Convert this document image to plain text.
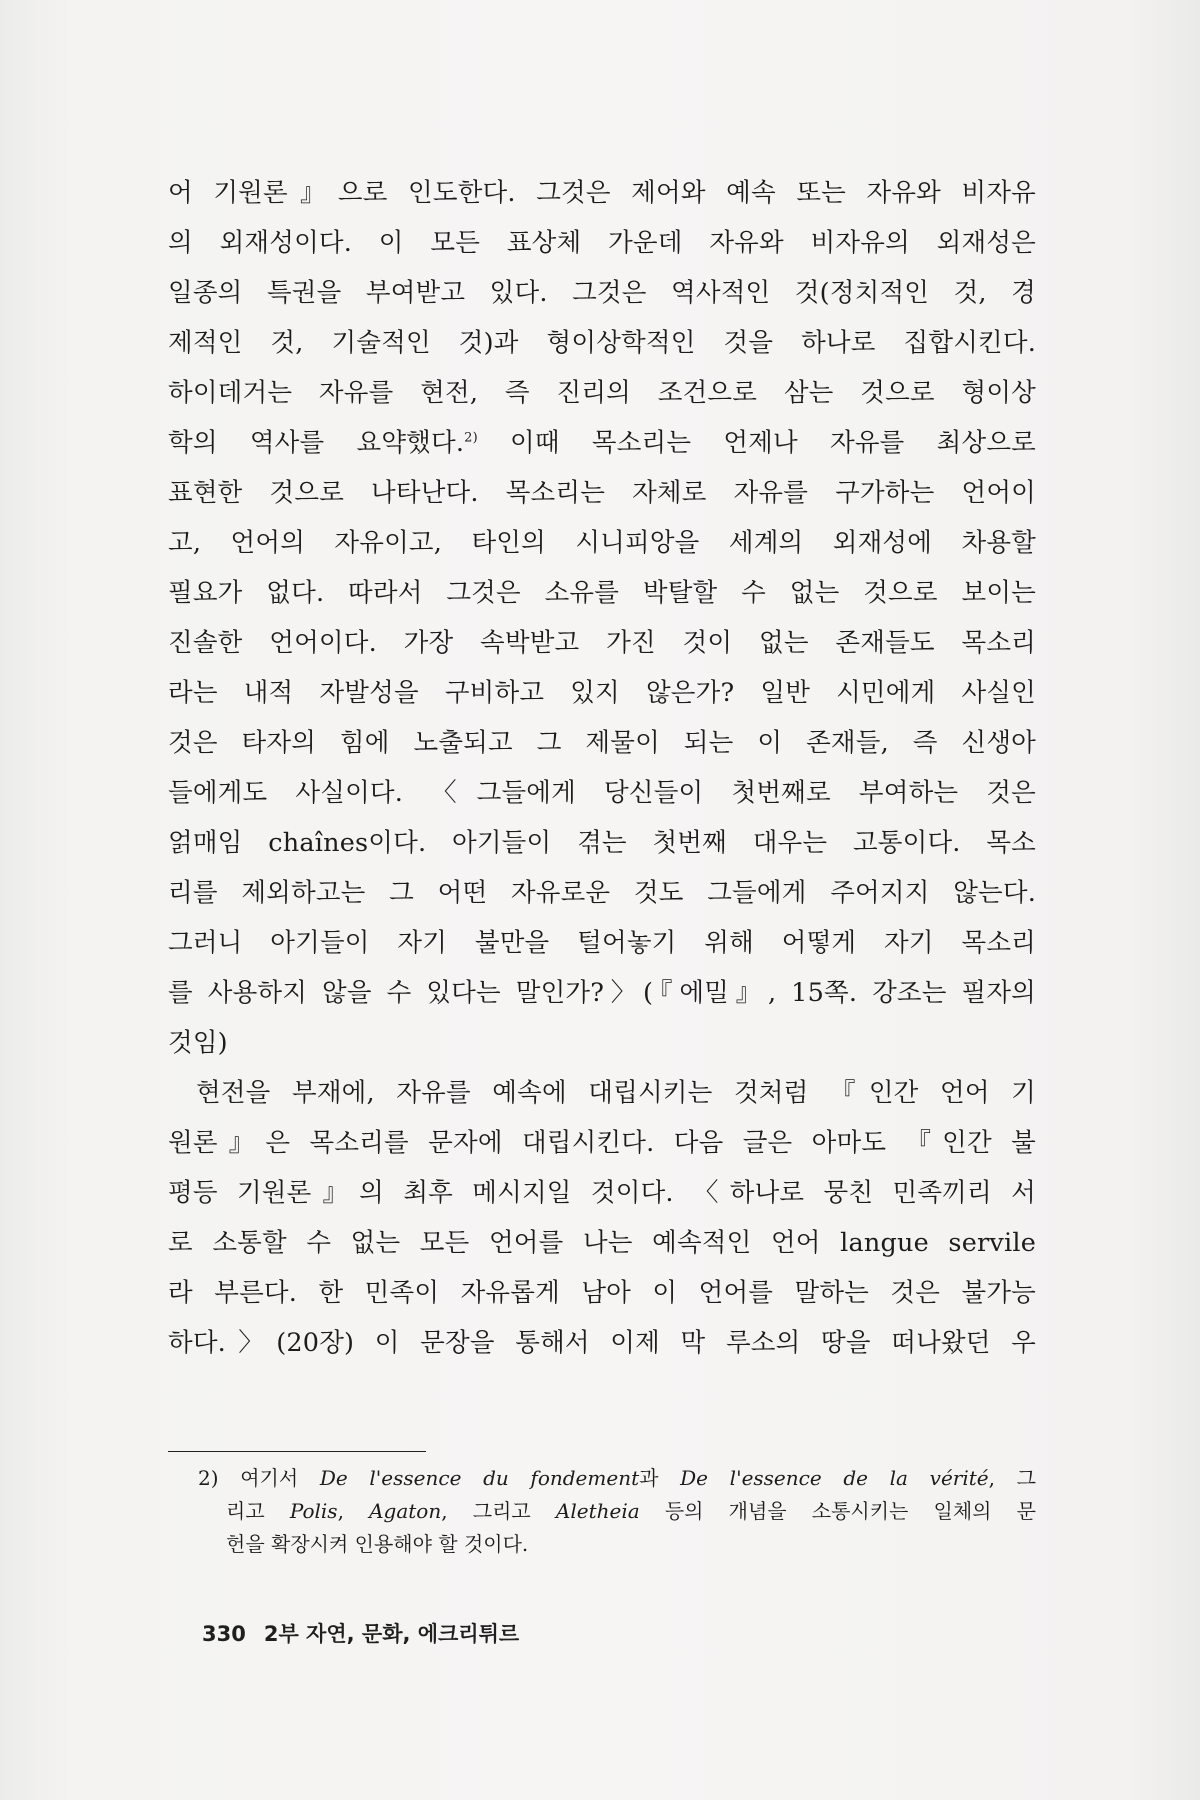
어 기원론』으로 인도한다. 그것은 제어와 예속 또는 자유와 비자유
의 외재성이다. 이 모든 표상체 가운데 자유와 비자유의 외재성은
일종의 특권을 부여받고 있다. 그것은 역사적인 것(정치적인 것, 경
제적인 것, 기술적인 것)과 형이상학적인 것을 하나로 집합시킨다.
하이데거는 자유를 현전, 즉 진리의 조건으로 삼는 것으로 형이상
학의 역사를 요약했다.$^{2)}$ 이때 목소리는 언제나 자유를 최상으로
표현한 것으로 나타난다. 목소리는 자체로 자유를 구가하는 언어이
고, 언어의 자유이고, 타인의 시니피앙을 세계의 외재성에 차용할
필요가 없다. 따라서 그것은 소유를 박탈할 수 없는 것으로 보이는
진솔한 언어이다. 가장 속박받고 가진 것이 없는 존재들도 목소리
라는 내적 자발성을 구비하고 있지 않은가? 일반 시민에게 사실인
것은 타자의 힘에 노출되고 그 제물이 되는 이 존재들, 즉 신생아
들에게도 사실이다. 〈그들에게 당신들이 첫번째로 부여하는 것은
얽매임 chaînes이다. 아기들이 겪는 첫번째 대우는 고통이다. 목소
리를 제외하고는 그 어떤 자유로운 것도 그들에게 주어지지 않는다.
그러니 아기들이 자기 불만을 털어놓기 위해 어떻게 자기 목소리
를 사용하지 않을 수 있다는 말인가?〉(『에밀』, 15쪽. 강조는 필자의
것임)
현전을 부재에, 자유를 예속에 대립시키는 것처럼 『인간 언어 기
원론』은 목소리를 문자에 대립시킨다. 다음 글은 아마도 『인간 불
평등 기원론』의 최후 메시지일 것이다. 〈하나로 뭉친 민족끼리 서
로 소통할 수 없는 모든 언어를 나는 예속적인 언어 langue servile
라 부른다. 한 민족이 자유롭게 남아 이 언어를 말하는 것은 불가능
하다.〉(20장) 이 문장을 통해서 이제 막 루소의 땅을 떠나왔던 우
2) 여기서 De l'essence du fondement과 De l'essence de la vérité, 그
리고 Polis, Agaton, 그리고 Aletheia 등의 개념을 소통시키는 일체의 문
헌을 확장시켜 인용해야 할 것이다.
330 2부 자연, 문화, 에크리튀르
